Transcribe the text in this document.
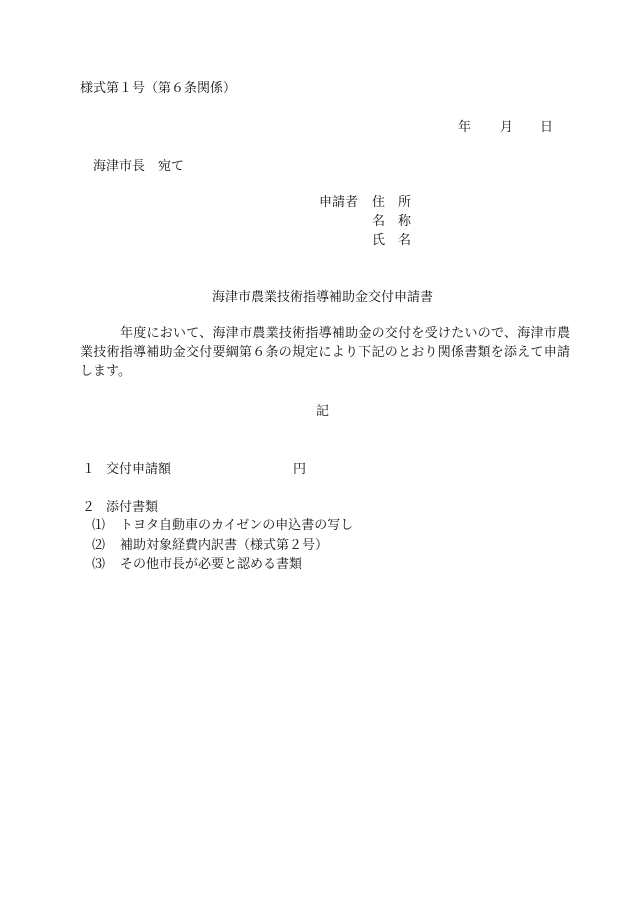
様式第１号（第６条関係）
年 月 日
海津市長　宛て
申請者 住　所
名　称
氏　名
海津市農業技術指導補助金交付申請書
年度において、海津市農業技術指導補助金の交付を受けたいので、海津市農業技術指導補助金交付要綱第６条の規定により下記のとおり関係書類を添えて申請します。
記
１ 交付申請額	円
２ 添付書類
⑴ トヨタ自動車のカイゼンの申込書の写し
⑵ 補助対象経費内訳書（様式第２号）
⑶ その他市長が必要と認める書類
